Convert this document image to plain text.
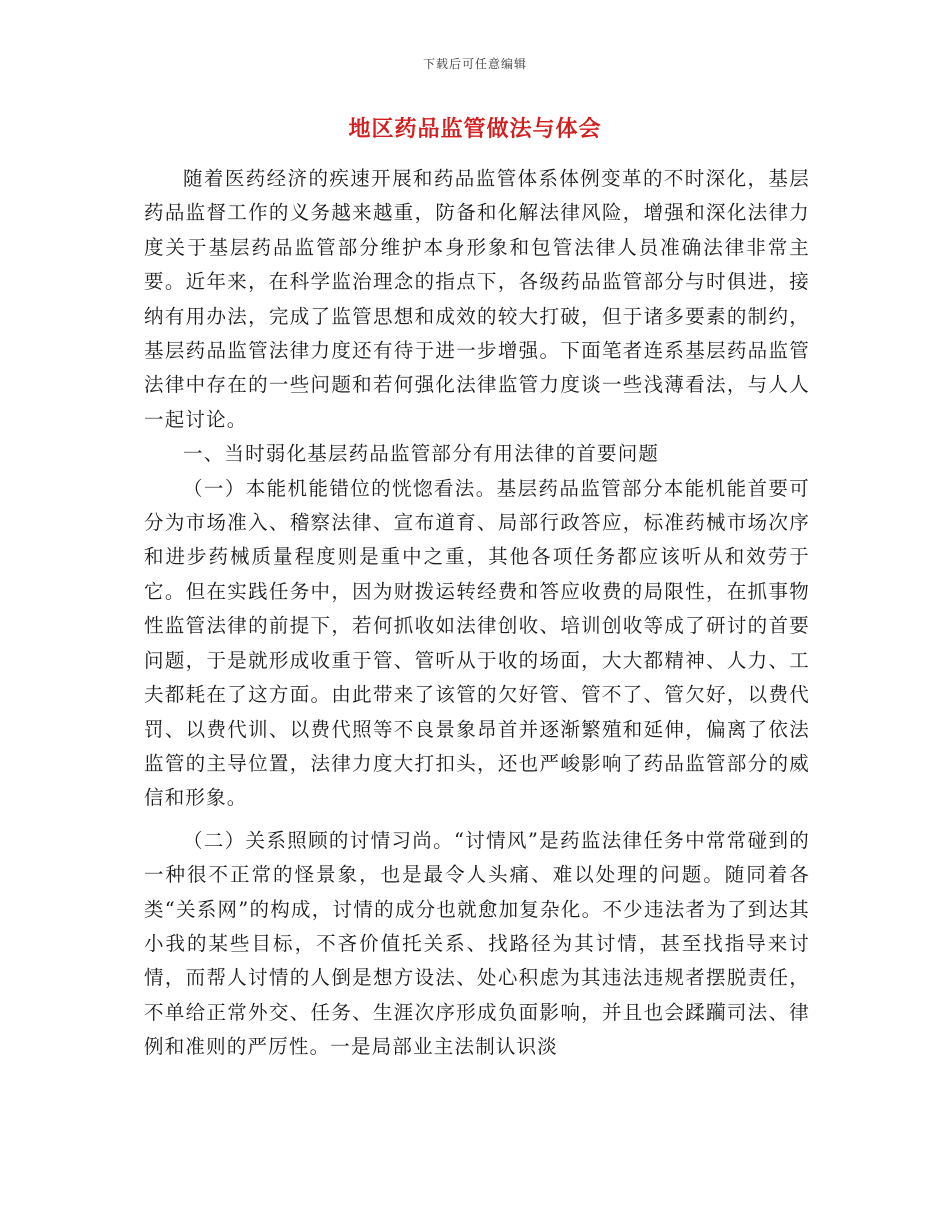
下载后可任意编辑
地区药品监管做法与体会

随着医药经济的疾速开展和药品监管体系体例变革的不时深化，基层药品监督工作的义务越来越重，防备和化解法律风险，增强和深化法律力度关于基层药品监管部分维护本身形象和包管法律人员准确法律非常主要。近年来，在科学监治理念的指点下，各级药品监管部分与时俱进，接纳有用办法，完成了监管思想和成效的较大打破，但于诸多要素的制约，基层药品监管法律力度还有待于进一步增强。下面笔者连系基层药品监管法律中存在的一些问题和若何强化法律监管力度谈一些浅薄看法，与人人一起讨论。

一、当时弱化基层药品监管部分有用法律的首要问题

（一）本能机能错位的恍惚看法。基层药品监管部分本能机能首要可分为市场准入、稽察法律、宣布道育、局部行政答应，标准药械市场次序和进步药械质量程度则是重中之重，其他各项任务都应该听从和效劳于它。但在实践任务中，因为财拨运转经费和答应收费的局限性，在抓事物性监管法律的前提下，若何抓收如法律创收、培训创收等成了研讨的首要问题，于是就形成收重于管、管听从于收的场面，大大都精神、人力、工夫都耗在了这方面。由此带来了该管的欠好管、管不了、管欠好，以费代罚、以费代训、以费代照等不良景象昂首并逐渐繁殖和延伸，偏离了依法监管的主导位置，法律力度大打扣头，还也严峻影响了药品监管部分的威信和形象。

（二）关系照顾的讨情习尚。“讨情风”是药监法律任务中常常碰到的一种很不正常的怪景象，也是最令人头痛、难以处理的问题。随同着各类“关系网”的构成，讨情的成分也就愈加复杂化。不少违法者为了到达其小我的某些目标，不吝价值托关系、找路径为其讨情，甚至找指导来讨情，而帮人讨情的人倒是想方设法、处心积虑为其违法违规者摆脱责任，不单给正常外交、任务、生涯次序形成负面影响，并且也会蹂躏司法、律例和准则的严厉性。一是局部业主法制认识淡
